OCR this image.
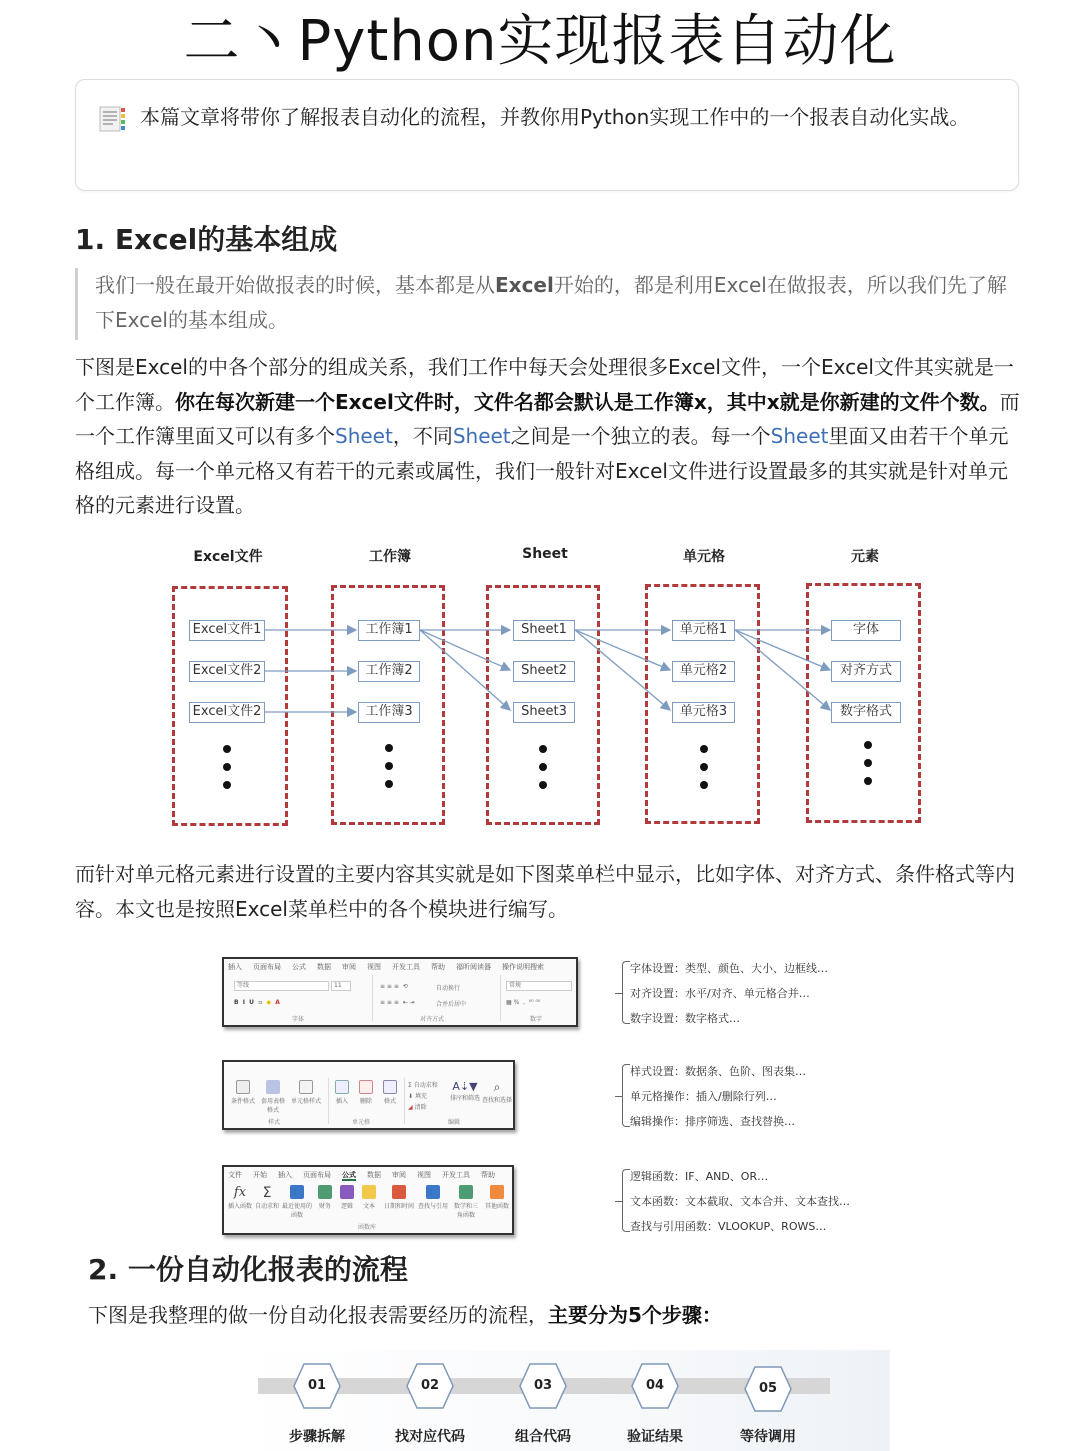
二丶Python实现报表自动化
本篇文章将带你了解报表自动化的流程，并教你用Python实现工作中的一个报表自动化实战。
1. Excel的基本组成
我们一般在最开始做报表的时候，基本都是从Excel开始的，都是利用Excel在做报表，所以我们先了解下Excel的基本组成。
下图是Excel的中各个部分的组成关系，我们工作中每天会处理很多Excel文件，一个Excel文件其实就是一个工作簿。你在每次新建一个Excel文件时，文件名都会默认是工作簿x，其中x就是你新建的文件个数。而一个工作簿里面又可以有多个Sheet，不同Sheet之间是一个独立的表。每一个Sheet里面又由若干个单元格组成。每一个单元格又有若干的元素或属性，我们一般针对Excel文件进行设置最多的其实就是针对单元格的元素进行设置。
Excel文件	工作簿	Sheet	单元格	元素
Excel文件1
Excel文件2
Excel文件2
工作簿1
工作簿2
工作簿3
Sheet1
Sheet2
Sheet3
单元格1
单元格2
单元格3
字体
对齐方式
数字格式
而针对单元格元素进行设置的主要内容其实就是如下图菜单栏中显示，比如字体、对齐方式、条件格式等内容。本文也是按照Excel菜单栏中的各个模块进行编写。
插入 页面布局 公式 数据 审阅 视图 开发工具 帮助 福昕阅读器 操作说明搜索
等线	11
B  I  U  ▫  ◆ A
≡ ≡ ≡  ⟲
≡ ≡ ≡  ⇤ ⇥
自动换行
合并后居中
常规
▦ %  ,  ⁰⁰ ⁰⁰
字体	对齐方式	数字
字体设置：类型、颜色、大小、边框线…
对齐设置：水平/对齐、单元格合并…
数字设置：数字格式…
条件格式 套用表格格式
单元格样式	插入	删除	格式
Σ 自动求和
⬇ 填充
◢ 清除
A⇣▼
排序和筛选
⌕
查找和选择
样式	单元格	编辑
样式设置：数据条、色阶、图表集…
单元格操作：插入/删除行列…
编辑操作：排序筛选、查找替换…
文件 开始 插入 页面布局 公式 数据 审阅 视图 开发工具 帮助
fx
插入函数
Σ
自动求和 最近使用的函数
财务	逻辑	文本	日期和时间 查找与引用 数学和三角函数
其他函数
函数库
逻辑函数：IF、AND、OR…
文本函数：文本截取、文本合并、文本查找…
查找与引用函数：VLOOKUP、ROWS…
2. 一份自动化报表的流程
下图是我整理的做一份自动化报表需要经历的流程，主要分为5个步骤：
01	02	03	04	05
步骤拆解	找对应代码	组合代码	验证结果	等待调用
